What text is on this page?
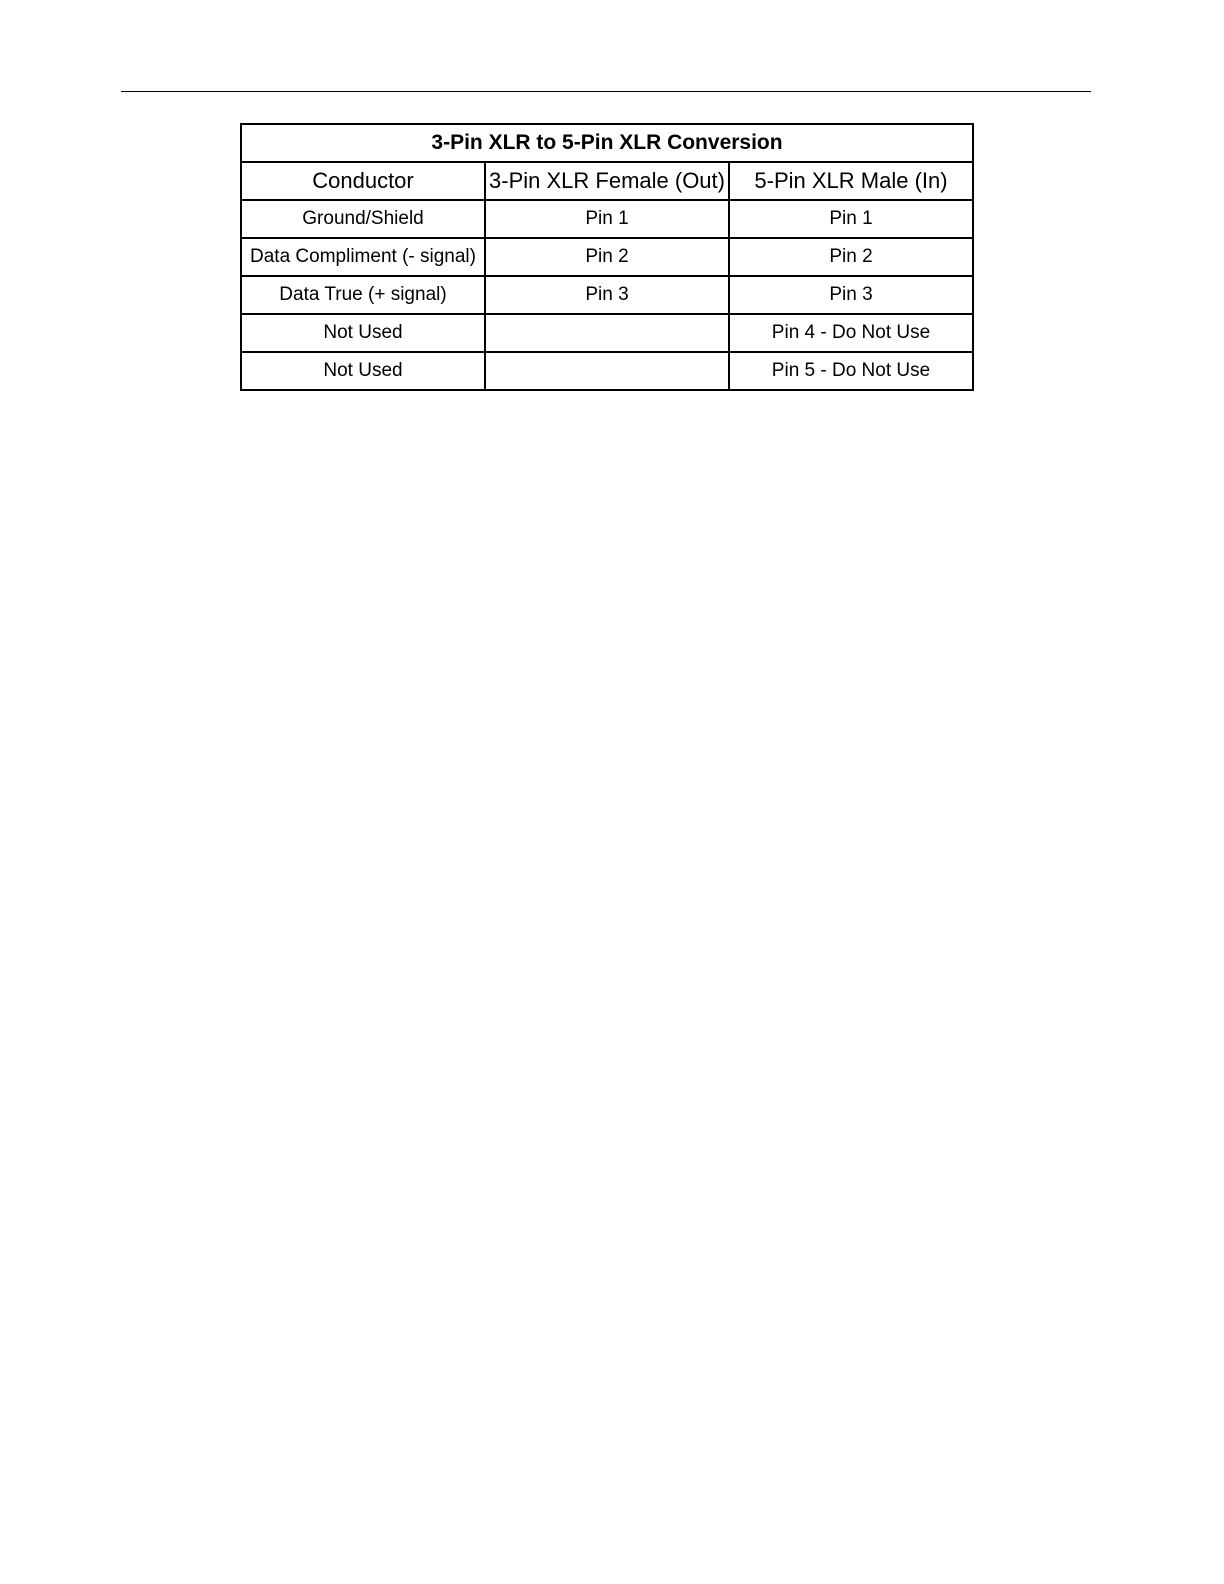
3-Pin XLR to 5-Pin XLR Conversion		
Conductor	3-Pin XLR Female (Out)	5-Pin XLR Male (In)
Ground/Shield	Pin 1	Pin 1
Data Compliment (- signal)	Pin 2	Pin 2
Data True (+ signal)	Pin 3	Pin 3
Not Used		Pin 4 - Do Not Use
Not Used		Pin 5 - Do Not Use
